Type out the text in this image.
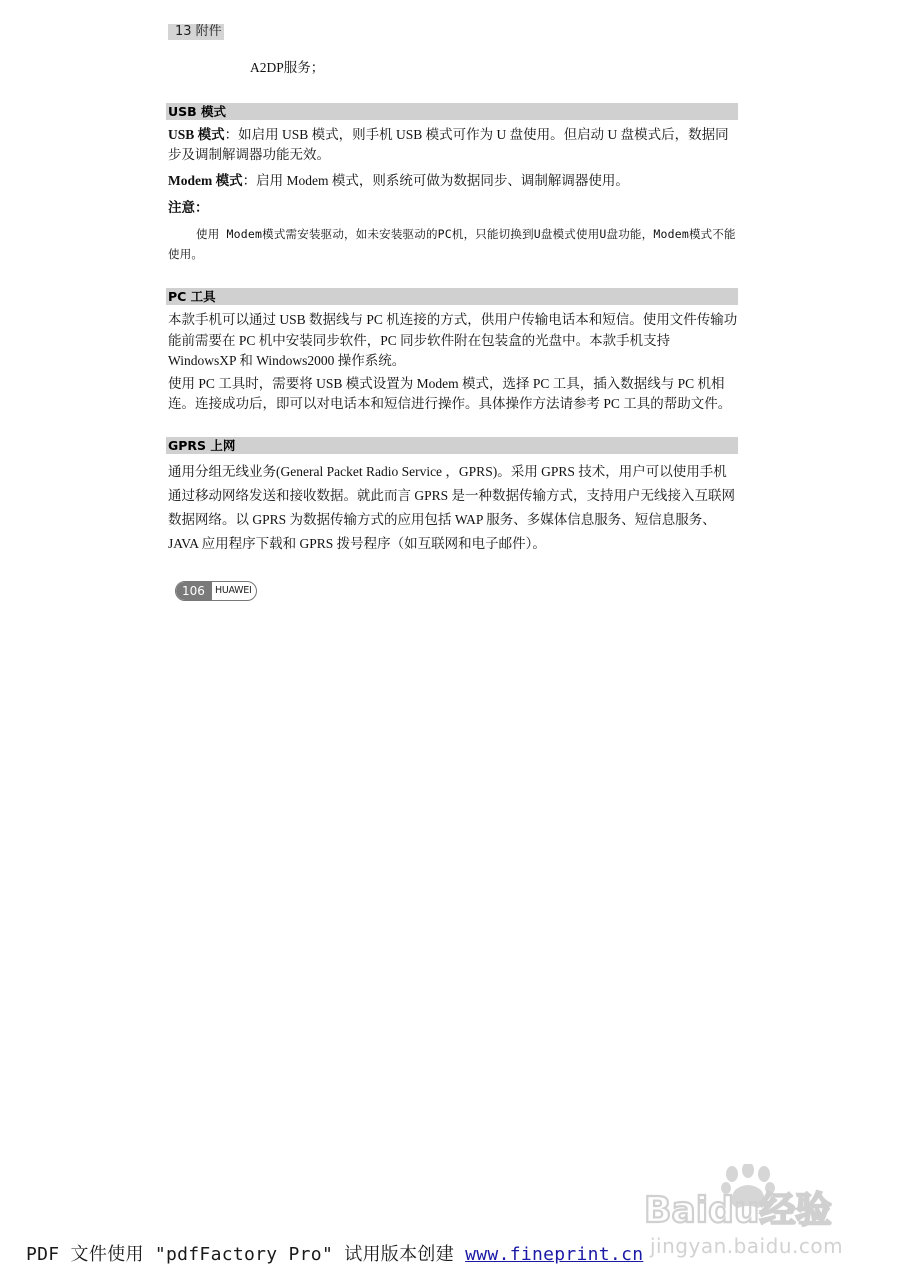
13 附件
A2DP服务；
USB 模式
USB 模式：如启用 USB 模式，则手机 USB 模式可作为 U 盘使用。但启动 U 盘模式后，数据同步及调制解调器功能无效。
Modem 模式：启用 Modem 模式，则系统可做为数据同步、调制解调器使用。
注意：
使用 Modem模式需安装驱动，如未安装驱动的PC机，只能切换到U盘模式使用U盘功能，Modem模式不能使用。
PC 工具
本款手机可以通过 USB 数据线与 PC 机连接的方式，供用户传输电话本和短信。使用文件传输功能前需要在 PC 机中安装同步软件，PC 同步软件附在包装盒的光盘中。本款手机支持 WindowsXP 和 Windows2000 操作系统。
使用 PC 工具时，需要将 USB 模式设置为 Modem 模式，选择 PC 工具，插入数据线与 PC 机相连。连接成功后，即可以对电话本和短信进行操作。具体操作方法请参考 PC 工具的帮助文件。
GPRS 上网
通用分组无线业务(General Packet Radio Service ，GPRS)。采用 GPRS 技术，用户可以使用手机通过移动网络发送和接收数据。就此而言 GPRS 是一种数据传输方式，支持用户无线接入互联网数据网络。以 GPRS 为数据传输方式的应用包括 WAP 服务、多媒体信息服务、短信息服务、JAVA 应用程序下载和 GPRS 拨号程序（如互联网和电子邮件）。
106	HUAWEI
Baidu经验
jingyan.baidu.com
PDF 文件使用 "pdfFactory Pro" 试用版本创建 www.fineprint.cn
